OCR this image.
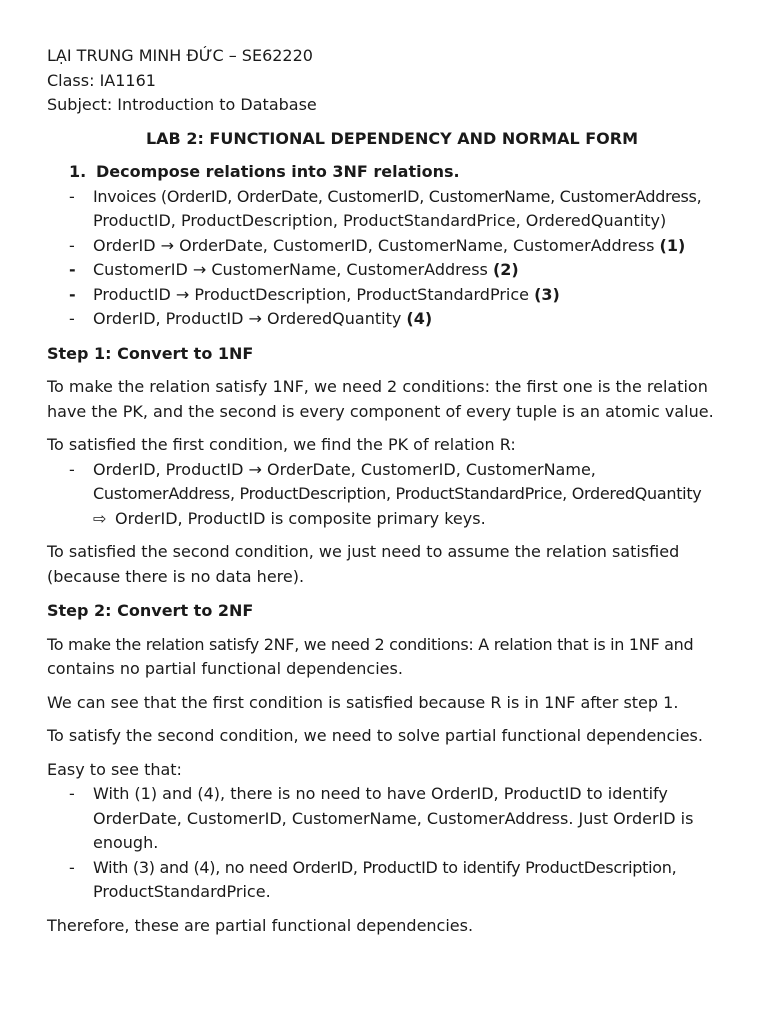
LẠI TRUNG MINH ĐỨC – SE62220
Class: IA1161
Subject: Introduction to Database
LAB 2: FUNCTIONAL DEPENDENCY AND NORMAL FORM
1. Decompose relations into 3NF relations.
- Invoices (OrderID, OrderDate, CustomerID, CustomerName, CustomerAddress,
ProductID, ProductDescription, ProductStandardPrice, OrderedQuantity)
- OrderID → OrderDate, CustomerID, CustomerName, CustomerAddress (1)
- CustomerID → CustomerName, CustomerAddress (2)
- ProductID → ProductDescription, ProductStandardPrice (3)
- OrderID, ProductID → OrderedQuantity (4)
Step 1: Convert to 1NF
To make the relation satisfy 1NF, we need 2 conditions: the first one is the relation
have the PK, and the second is every component of every tuple is an atomic value.
To satisfied the first condition, we find the PK of relation R:
- OrderID, ProductID → OrderDate, CustomerID, CustomerName,
CustomerAddress, ProductDescription, ProductStandardPrice, OrderedQuantity
⇨ OrderID, ProductID is composite primary keys.
To satisfied the second condition, we just need to assume the relation satisfied
(because there is no data here).
Step 2: Convert to 2NF
To make the relation satisfy 2NF, we need 2 conditions: A relation that is in 1NF and
contains no partial functional dependencies.
We can see that the first condition is satisfied because R is in 1NF after step 1.
To satisfy the second condition, we need to solve partial functional dependencies.
Easy to see that:
- With (1) and (4), there is no need to have OrderID, ProductID to identify
OrderDate, CustomerID, CustomerName, CustomerAddress. Just OrderID is
enough.
- With (3) and (4), no need OrderID, ProductID to identify ProductDescription,
ProductStandardPrice.
Therefore, these are partial functional dependencies.
